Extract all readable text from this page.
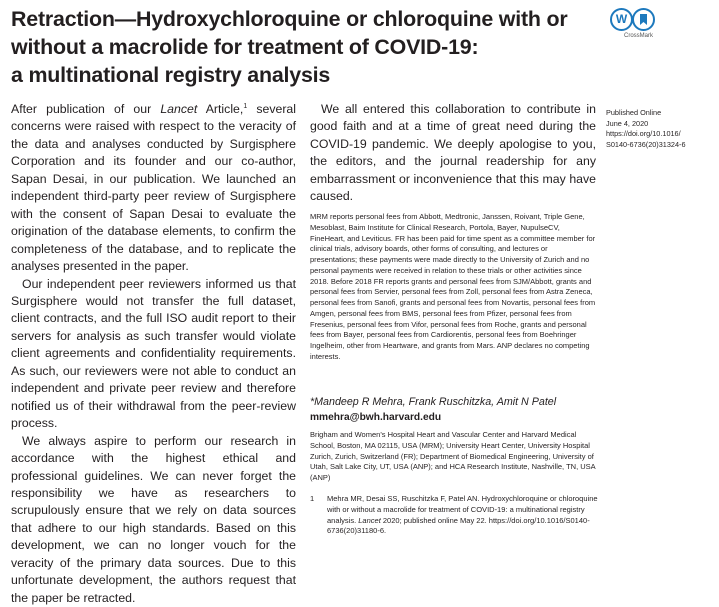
Retraction—Hydroxychloroquine or chloroquine with or
without a macrolide for treatment of COVID-19:
a multinational registry analysis
W
CrossMark

After publication of our Lancet Article,$^1$ several concerns were raised with respect to the veracity of the data and analyses conducted by Surgisphere Corporation and its founder and our co-author, Sapan Desai, in our publication. We launched an independent third-party peer review of Surgisphere with the consent of Sapan Desai to evaluate the origination of the database elements, to confirm the completeness of the database, and to replicate the analyses presented in the paper.

Our independent peer reviewers informed us that Surgisphere would not transfer the full dataset, client contracts, and the full ISO audit report to their servers for analysis as such transfer would violate client agreements and confidentiality requirements. As such, our reviewers were not able to conduct an independent and private peer review and therefore notified us of their withdrawal from the peer-review process.

We always aspire to perform our research in accordance with the highest ethical and professional guidelines. We can never forget the responsibility we have as researchers to scrupulously ensure that we rely on data sources that adhere to our high standards. Based on this development, we can no longer vouch for the veracity of the primary data sources. Due to this unfortunate development, the authors request that the paper be retracted.

We all entered this collaboration to contribute in good faith and at a time of great need during the COVID-19 pandemic. We deeply apologise to you, the editors, and the journal readership for any embarrassment or inconvenience that this may have caused.

Published Online
June 4, 2020
https://doi.org/10.1016/
S0140-6736(20)31324-6
MRM reports personal fees from Abbott, Medtronic, Janssen, Roivant, Triple Gene, Mesoblast, Baim Institute for Clinical Research, Portola, Bayer, NupulseCV, FineHeart, and Leviticus. FR has been paid for time spent as a committee member for clinical trials, advisory boards, other forms of consulting, and lectures or presentations; these payments were made directly to the University of Zurich and no personal payments were received in relation to these trials or other activities since 2018. Before 2018 FR reports grants and personal fees from SJM/Abbott, grants and personal fees from Servier, personal fees from Zoll, personal fees from Astra Zeneca, personal fees from Sanofi, grants and personal fees from Novartis, personal fees from Amgen, personal fees from BMS, personal fees from Pfizer, personal fees from Fresenius, personal fees from Vifor, personal fees from Roche, grants and personal fees from Bayer, personal fees from Cardiorentis, personal fees from Boehringer Ingelheim, other from Heartware, and grants from Mars. ANP declares no competing interests.
*Mandeep R Mehra, Frank Ruschitzka, Amit N Patel
mmehra@bwh.harvard.edu
Brigham and Women's Hospital Heart and Vascular Center and Harvard Medical School, Boston, MA 02115, USA (MRM); University Heart Center, University Hospital Zurich, Zurich, Switzerland (FR); Department of Biomedical Engineering, University of Utah, Salt Lake City, UT, USA (ANP); and HCA Research Institute, Nashville, TN, USA (ANP)
1 Mehra MR, Desai SS, Ruschitzka F, Patel AN. Hydroxychloroquine or chloroquine with or without a macrolide for treatment of COVID-19: a multinational registry analysis. Lancet 2020; published online May 22. https://doi.org/10.1016/S0140-6736(20)31180-6.
